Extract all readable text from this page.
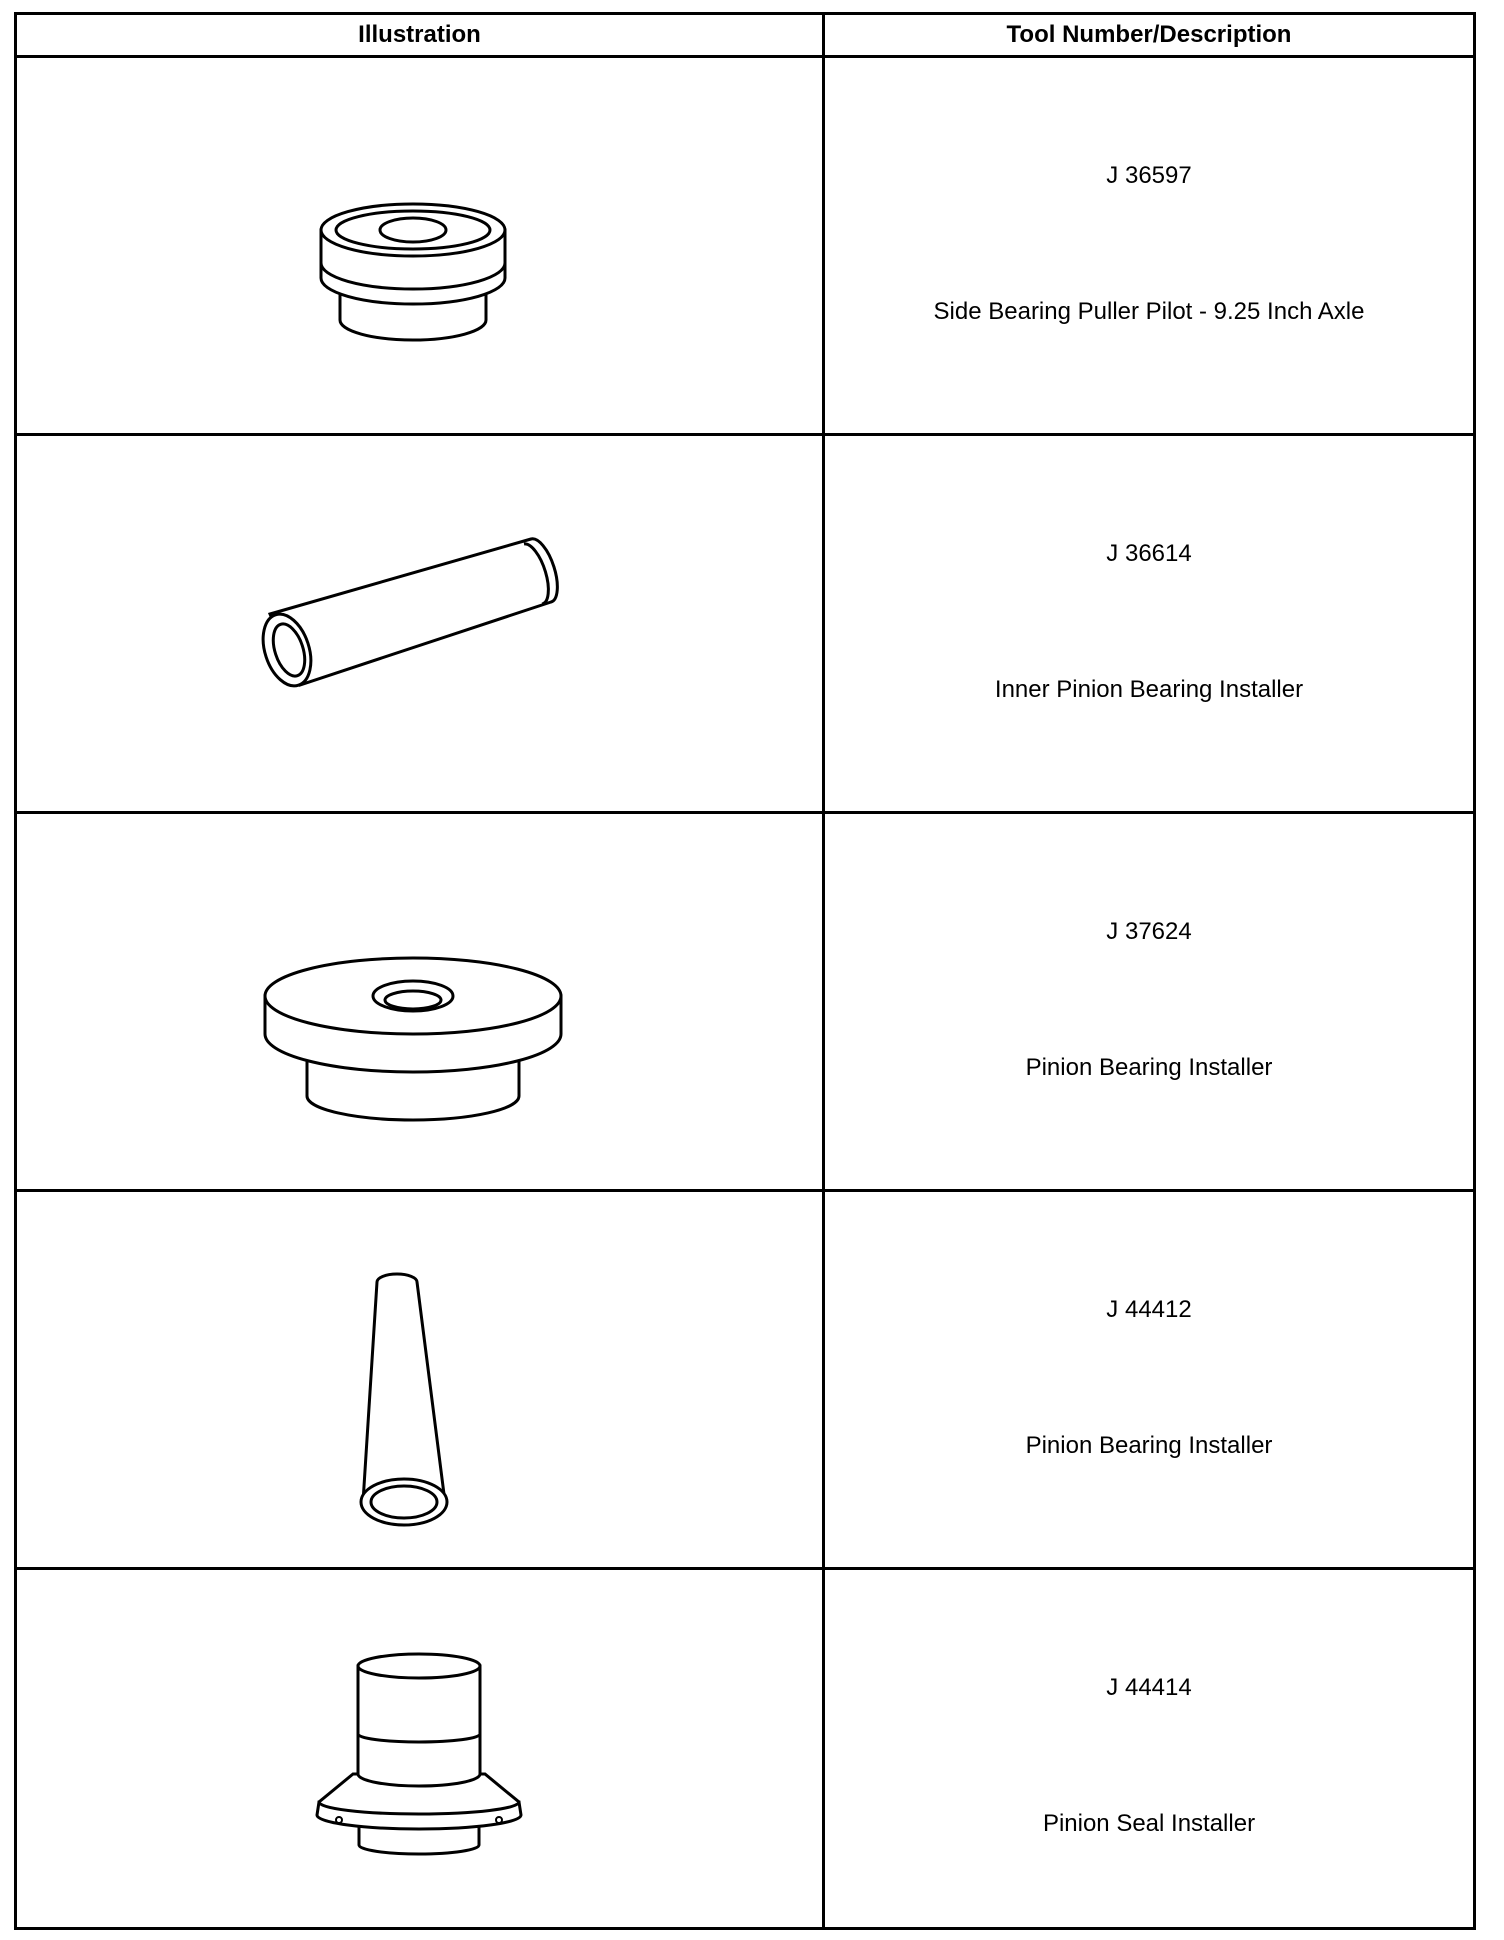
Illustration	Tool Number/Description
J 36597
Side Bearing Puller Pilot - 9.25 Inch Axle
J 36614
Inner Pinion Bearing Installer
J 37624
Pinion Bearing Installer
J 44412
Pinion Bearing Installer
J 44414
Pinion Seal Installer
